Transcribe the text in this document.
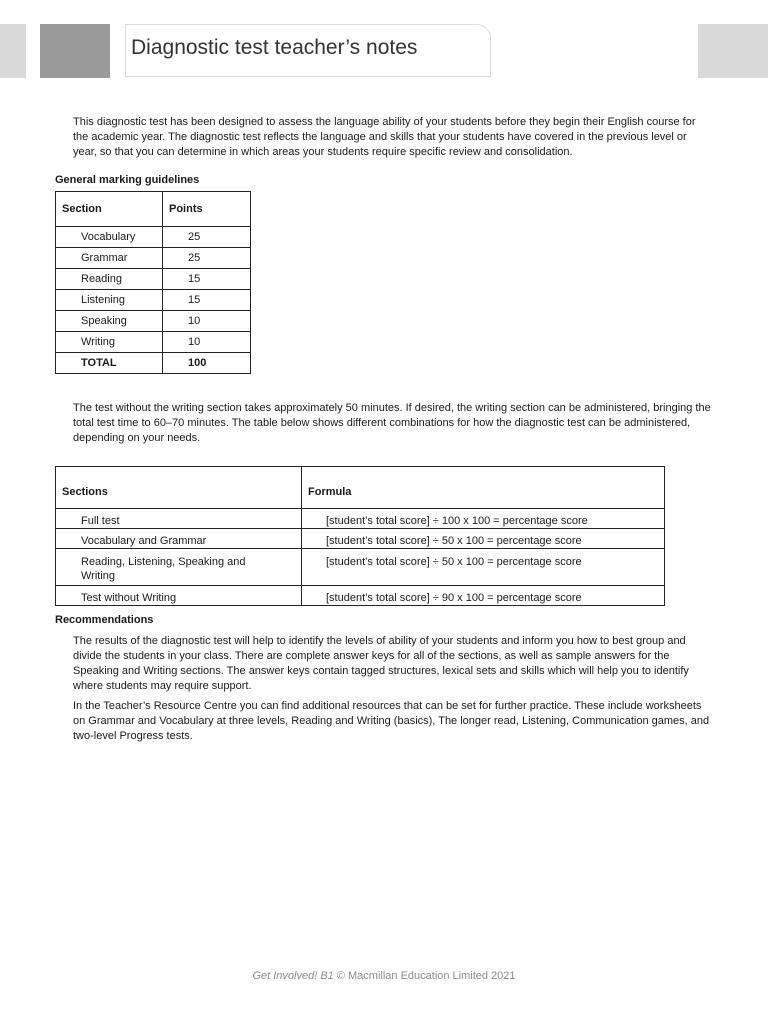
Diagnostic test teacher’s notes

This diagnostic test has been designed to assess the language ability of your students before they begin their English course for the academic year. The diagnostic test reflects the language and skills that your students have covered in the previous level or year, so that you can determine in which areas your students require specific review and consolidation.

General marking guidelines
Section	Points
Vocabulary	25
Grammar	25
Reading	15
Listening	15
Speaking	10
Writing	10
TOTAL	100

The test without the writing section takes approximately 50 minutes. If desired, the writing section can be administered, bringing the total test time to 60–70 minutes. The table below shows different combinations for how the diagnostic test can be administered, depending on your needs.

Sections	Formula
Full test	[student’s total score] ÷ 100 x 100 = percentage score
Vocabulary and Grammar	[student’s total score] ÷ 50 x 100 = percentage score
Reading, Listening, Speaking and Writing	[student’s total score] ÷ 50 x 100 = percentage score
Test without Writing	[student’s total score] ÷ 90 x 100 = percentage score
Recommendations

The results of the diagnostic test will help to identify the levels of ability of your students and inform you how to best group and divide the students in your class. There are complete answer keys for all of the sections, as well as sample answers for the Speaking and Writing sections. The answer keys contain tagged structures, lexical sets and skills which will help you to identify where students may require support.

In the Teacher’s Resource Centre you can find additional resources that can be set for further practice. These include worksheets on Grammar and Vocabulary at three levels, Reading and Writing (basics), The longer read, Listening, Communication games, and two-level Progress tests.

Get Involved! B1 © Macmillan Education Limited 2021
